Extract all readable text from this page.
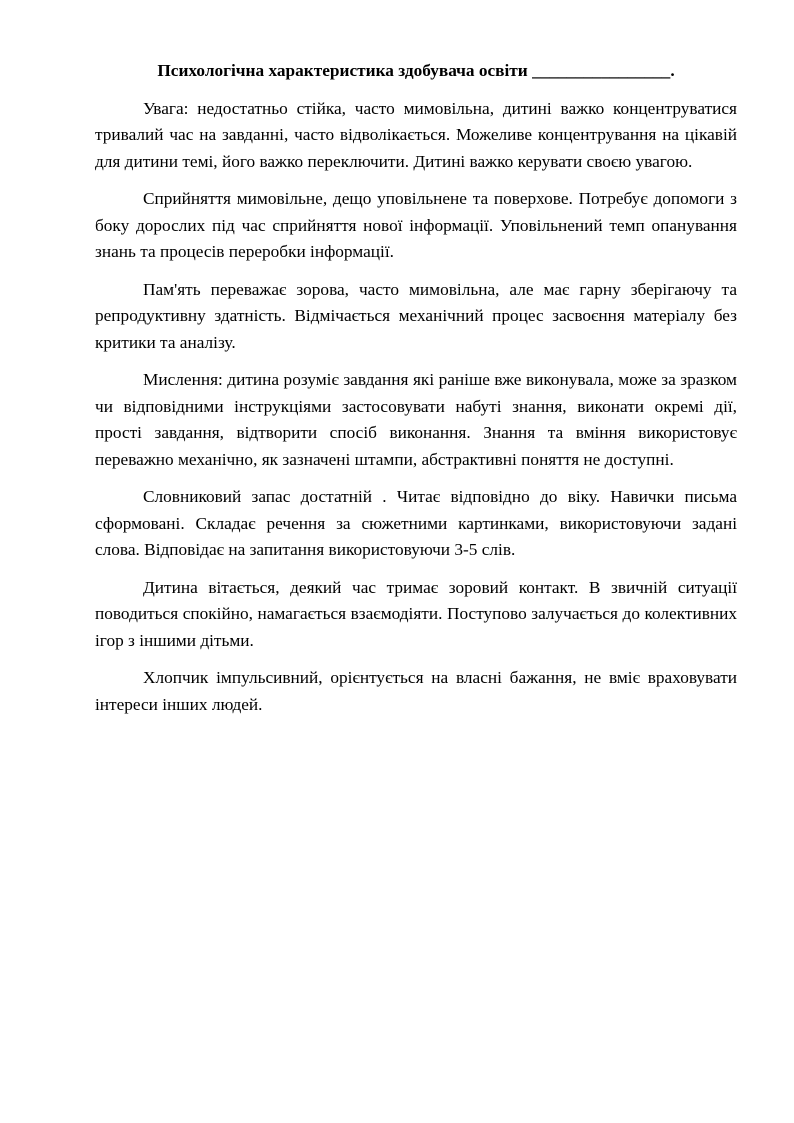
Психологічна характеристика здобувача освіти ________________.

Увага: недостатньо стійка, часто мимовільна, дитині важко концентруватися тривалий час на завданні, часто відволікається. Можеливе концентрування на цікавій для дитини темі, його важко переключити. Дитині важко керувати своєю увагою.

Сприйняття мимовільне, дещо уповільнене та поверхове. Потребує допомоги з боку дорослих під час сприйняття нової інформації. Уповільнений темп опанування знань та процесів переробки інформації.

Пам'ять переважає зорова, часто мимовільна, але має гарну зберігаючу та репродуктивну здатність. Відмічається механічний процес засвоєння матеріалу без критики та аналізу.

Мислення: дитина розуміє завдання які раніше вже виконувала, може за зразком чи відповідними інструкціями застосовувати набуті знання, виконати окремі дії, прості завдання, відтворити спосіб виконання. Знання та вміння використовує переважно механічно, як зазначені штампи, абстрактивні поняття не доступні.

Словниковий запас достатній . Читає відповідно до віку. Навички письма сформовані. Складає речення за сюжетними картинками, використовуючи задані слова. Відповідає на запитання використовуючи 3-5 слів.

Дитина вітається, деякий час тримає зоровий контакт. В звичній ситуації поводиться спокійно, намагається взаємодіяти. Поступово залучається до колективних ігор з іншими дітьми.

Хлопчик імпульсивний, орієнтується на власні бажання, не вміє враховувати інтереси інших людей.
